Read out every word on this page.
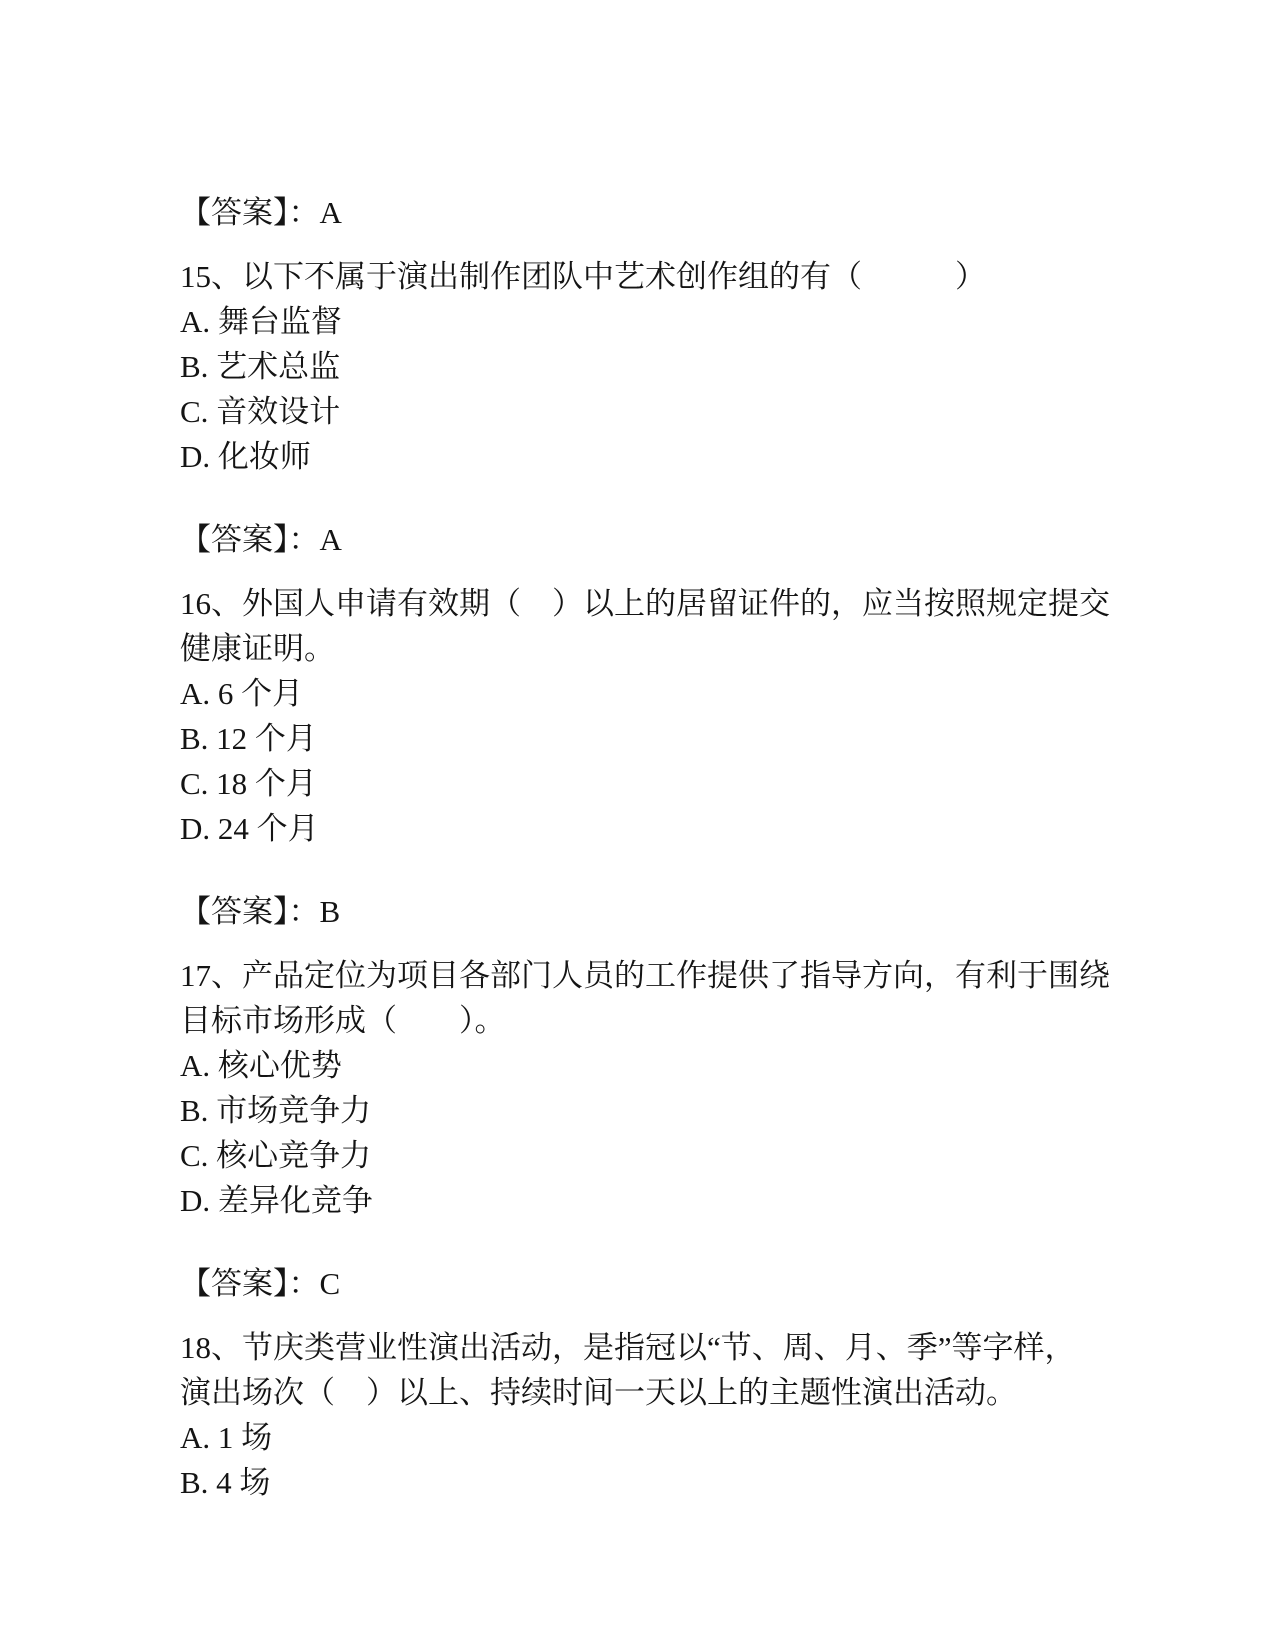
【答案】：A
15、以下不属于演出制作团队中艺术创作组的有（　　　）
A. 舞台监督
B. 艺术总监
C. 音效设计
D. 化妆师
【答案】：A
16、外国人申请有效期（　）以上的居留证件的，应当按照规定提交
健康证明。
A. 6 个月
B. 12 个月
C. 18 个月
D. 24 个月
【答案】：B
17、产品定位为项目各部门人员的工作提供了指导方向，有利于围绕
目标市场形成（　　）。
A. 核心优势
B. 市场竞争力
C. 核心竞争力
D. 差异化竞争
【答案】：C
18、节庆类营业性演出活动，是指冠以“节、周、月、季”等字样，
演出场次（　）以上、持续时间一天以上的主题性演出活动。
A. 1 场
B. 4 场
